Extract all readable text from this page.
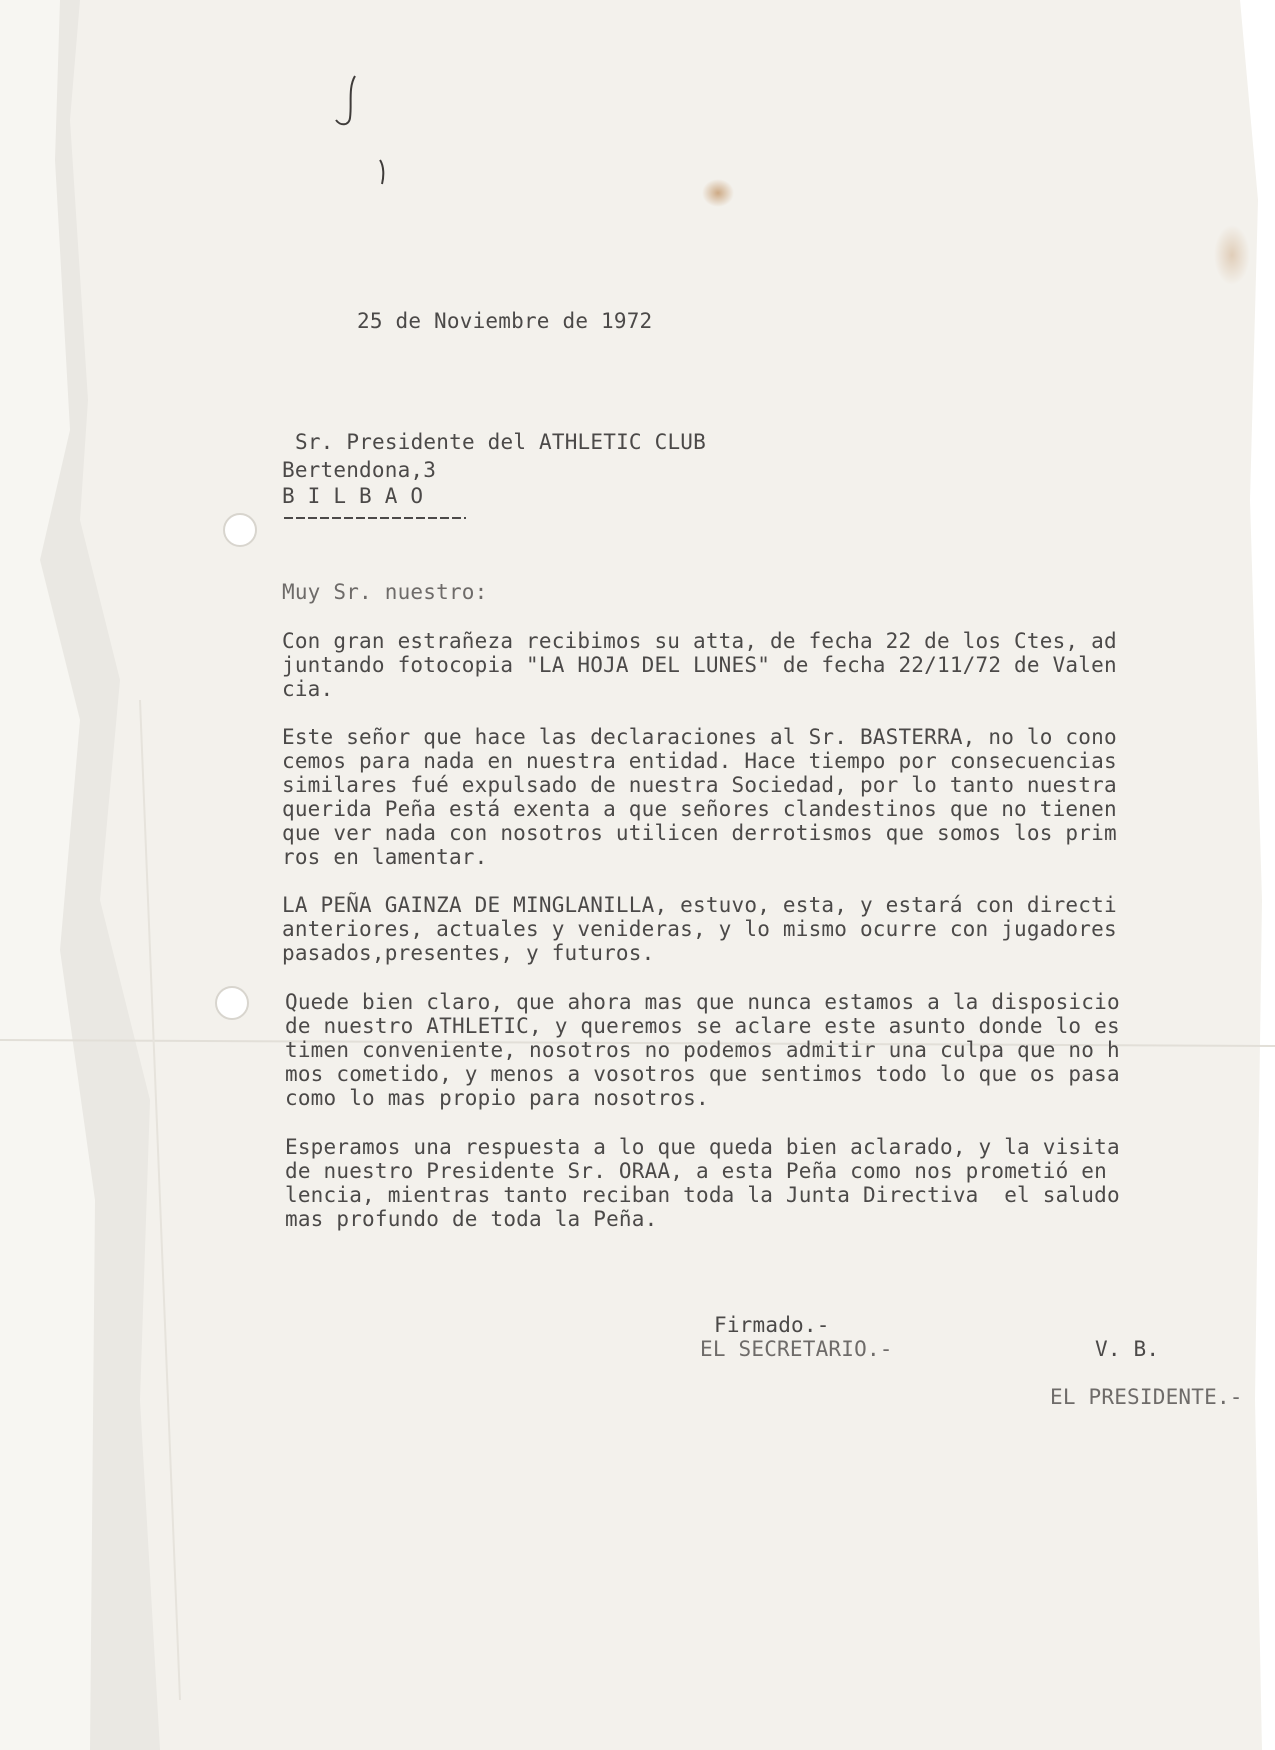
25 de Noviembre de 1972
Sr. Presidente del ATHLETIC CLUB
Bertendona,3
B I L B A O
Muy Sr. nuestro:
Con gran estrañeza recibimos su atta, de fecha 22 de los Ctes, ad
juntando fotocopia "LA HOJA DEL LUNES" de fecha 22/11/72 de Valen
cia.
Este señor que hace las declaraciones al Sr. BASTERRA, no lo cono
cemos para nada en nuestra entidad. Hace tiempo por consecuencias
similares fué expulsado de nuestra Sociedad, por lo tanto nuestra
querida Peña está exenta a que señores clandestinos que no tienen
que ver nada con nosotros utilicen derrotismos que somos los prim
ros en lamentar.
LA PEÑA GAINZA DE MINGLANILLA, estuvo, esta, y estará con directi
anteriores, actuales y venideras, y lo mismo ocurre con jugadores
pasados,presentes, y futuros.
Quede bien claro, que ahora mas que nunca estamos a la disposicio
de nuestro ATHLETIC, y queremos se aclare este asunto donde lo es
timen conveniente, nosotros no podemos admitir una culpa que no h
mos cometido, y menos a vosotros que sentimos todo lo que os pasa
como lo mas propio para nosotros.
Esperamos una respuesta a lo que queda bien aclarado, y la visita
de nuestro Presidente Sr. ORAA, a esta Peña como nos prometió en
lencia, mientras tanto reciban toda la Junta Directiva  el saludo
mas profundo de toda la Peña.
Firmado.-
EL SECRETARIO.-	V. B.
EL PRESIDENTE.-
